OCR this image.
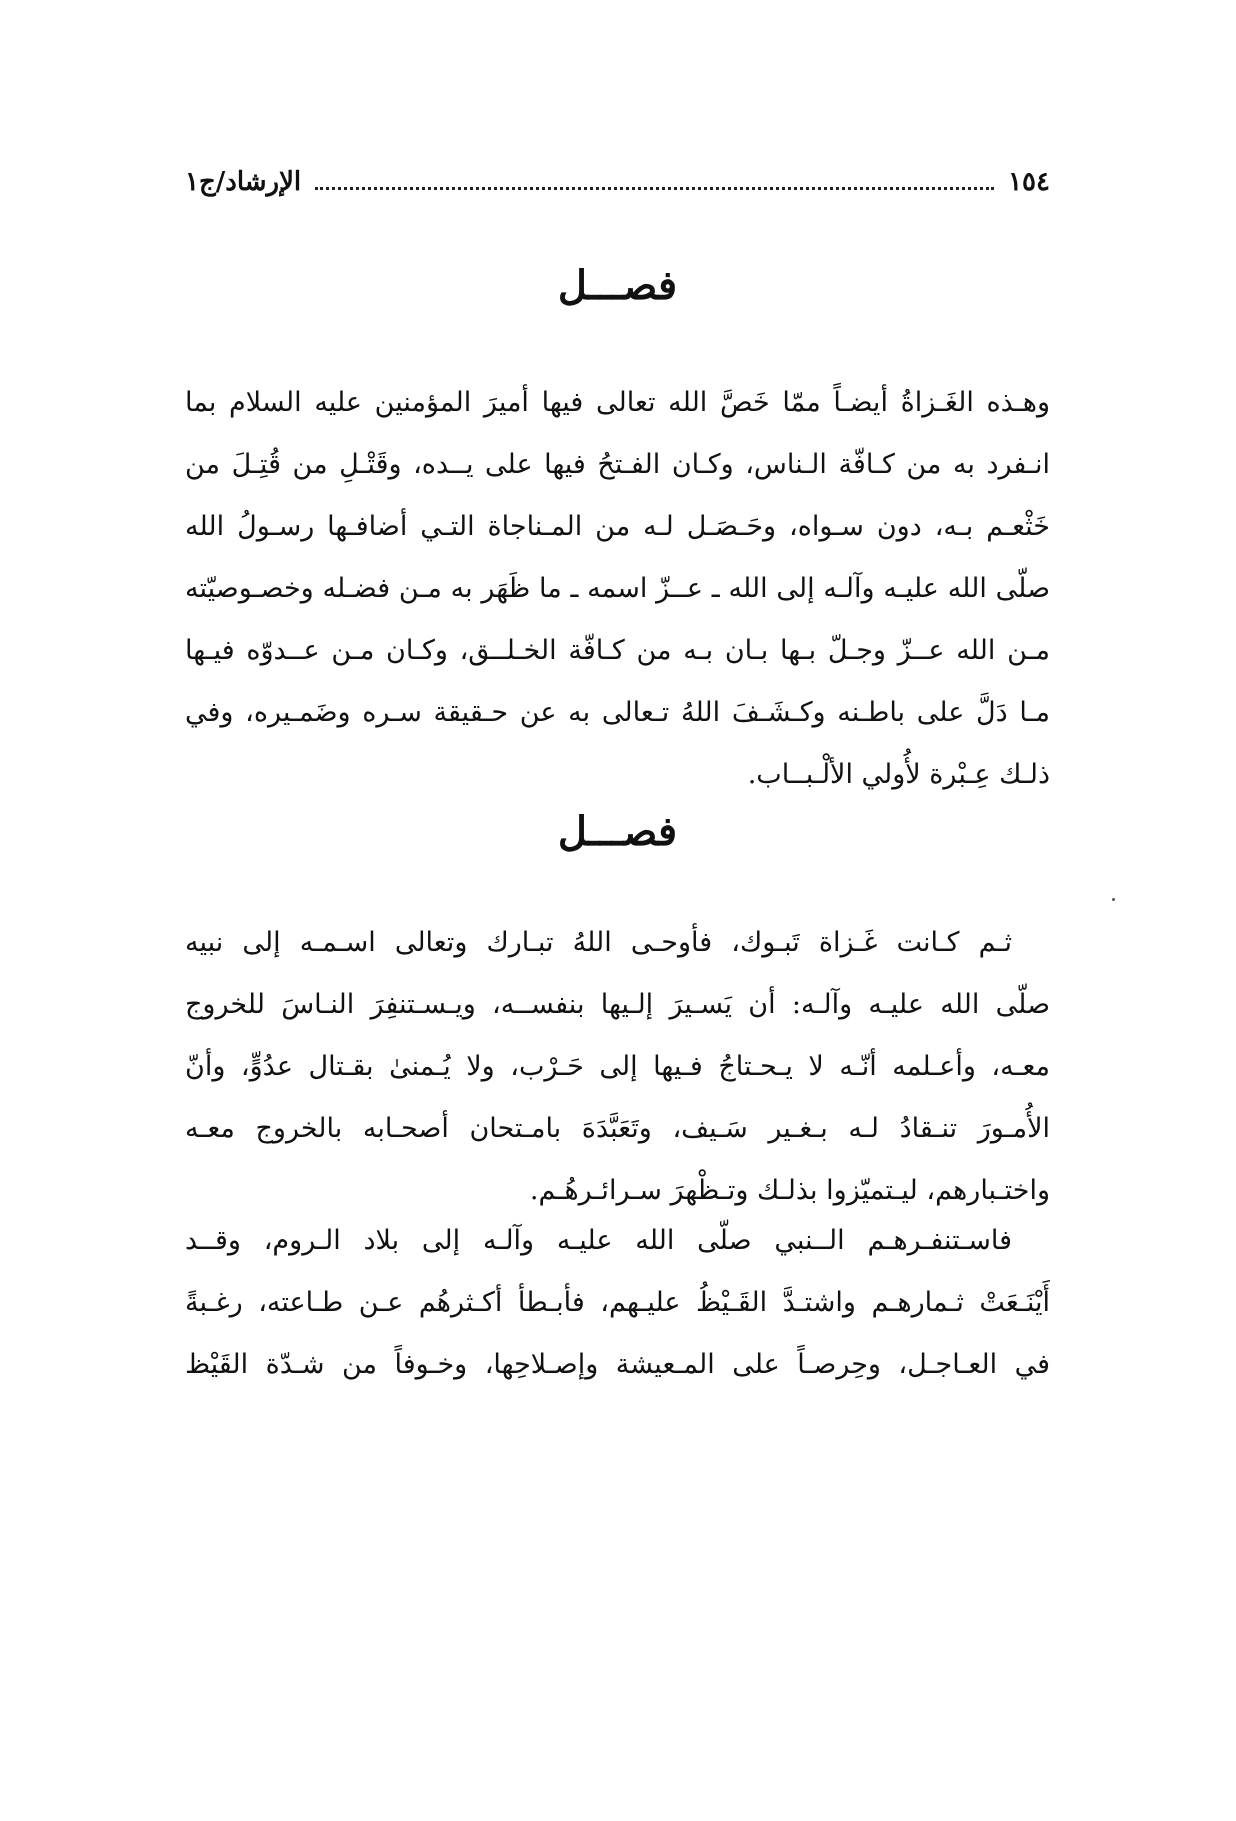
١٥٤
الإرشاد/ج١
فصـــل
وهـذه الغَـزاةُ أيضـاً ممّا خَصَّ الله تعالى فيها أميرَ المؤمنين عليه السلام بما
انـفرد به من كـافّة الـناس، وكـان الفـتحُ فيها على يــده، وقَتْـلِ من قُتِـلَ من
خَثْعـم بـه، دون سـواه، وحَـصَـل لـه من المـناجاة التـي أضافـها رسـولُ الله
صلّى الله عليـه وآلـه إلى الله ـ عــزّ اسمه ـ ما ظَهَر به مـن فضـله وخصـوصيّته
مـن الله عــزّ وجـلّ بـها بـان بـه من كـافّة الخـلــق، وكـان مـن عــدوّه فيـها
مـا دَلَّ على باطـنه وكـشَـفَ اللهُ تـعالى به عن حـقيقة سـره وضَمـيره، وفي
ذلـك عِـبْرة لأُولي الألْـبــاب.
فصـــل
ثـم كـانت غَـزاة تَبـوك، فأوحـى اللهُ تبـارك وتعالى اسـمـه إلى نبيه
صلّى الله عليـه وآلـه: أن يَسـيرَ إلـيها بنفســه، ويـسـتنفِرَ النـاسَ للخروج
معـه، وأعـلمه أنّـه لا يـحـتاجُ فـيها إلى حَـرْب، ولا يُـمنىٰ بقـتال عدُوٍّ، وأنّ
الأُمـورَ تنـقادُ لـه بـغـير سَـيف، وتَعَبَّدَهَ بامـتحان أصحـابه بالخروج معـه
واختـبارهم، ليـتميّزوا بذلـك وتـظْهرَ سـرائـرهُـم.
فاسـتنفـرهـم الــنبي صلّى الله عليـه وآلـه إلى بلاد الـروم، وقــد
أَيْنَـعَتْ ثـمارهـم واشتـدَّ القَـيْظُ عليـهم، فأبـطأ أكـثرهُم عـن طـاعته، رغـبةً
في العـاجـل، وحِرصـاً على المـعيشة وإصـلاحِها، وخـوفاً من شـدّة القَيْظ
